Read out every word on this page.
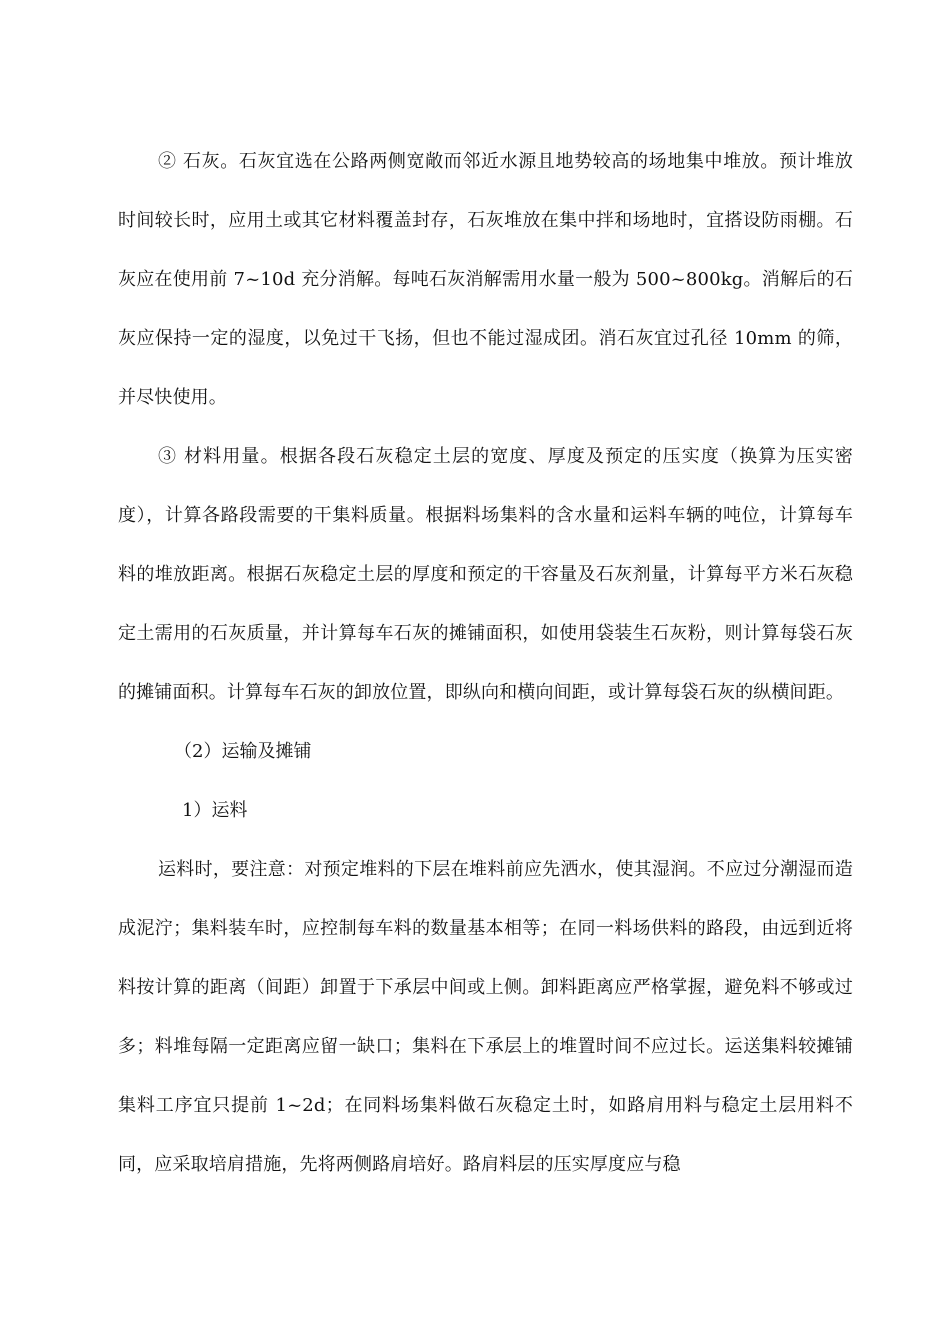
② 石灰。石灰宜选在公路两侧宽敞而邻近水源且地势较高的场地集中堆放。预计堆放时间较长时，应用土或其它材料覆盖封存，石灰堆放在集中拌和场地时，宜搭设防雨棚。石灰应在使用前 7~10d 充分消解。每吨石灰消解需用水量一般为 500~800kg。消解后的石灰应保持一定的湿度，以免过干飞扬，但也不能过湿成团。消石灰宜过孔径 10mm 的筛，并尽快使用。

③ 材料用量。根据各段石灰稳定土层的宽度、厚度及预定的压实度（换算为压实密度），计算各路段需要的干集料质量。根据料场集料的含水量和运料车辆的吨位，计算每车料的堆放距离。根据石灰稳定土层的厚度和预定的干容量及石灰剂量，计算每平方米石灰稳定土需用的石灰质量，并计算每车石灰的摊铺面积，如使用袋装生石灰粉，则计算每袋石灰的摊铺面积。计算每车石灰的卸放位置，即纵向和横向间距，或计算每袋石灰的纵横间距。

（2）运输及摊铺

1）运料

运料时，要注意：对预定堆料的下层在堆料前应先洒水，使其湿润。不应过分潮湿而造成泥泞；集料装车时，应控制每车料的数量基本相等；在同一料场供料的路段，由远到近将料按计算的距离（间距）卸置于下承层中间或上侧。卸料距离应严格掌握，避免料不够或过多；料堆每隔一定距离应留一缺口；集料在下承层上的堆置时间不应过长。运送集料较摊铺集料工序宜只提前 1~2d；在同料场集料做石灰稳定土时，如路肩用料与稳定土层用料不同，应采取培肩措施，先将两侧路肩培好。路肩料层的压实厚度应与稳
